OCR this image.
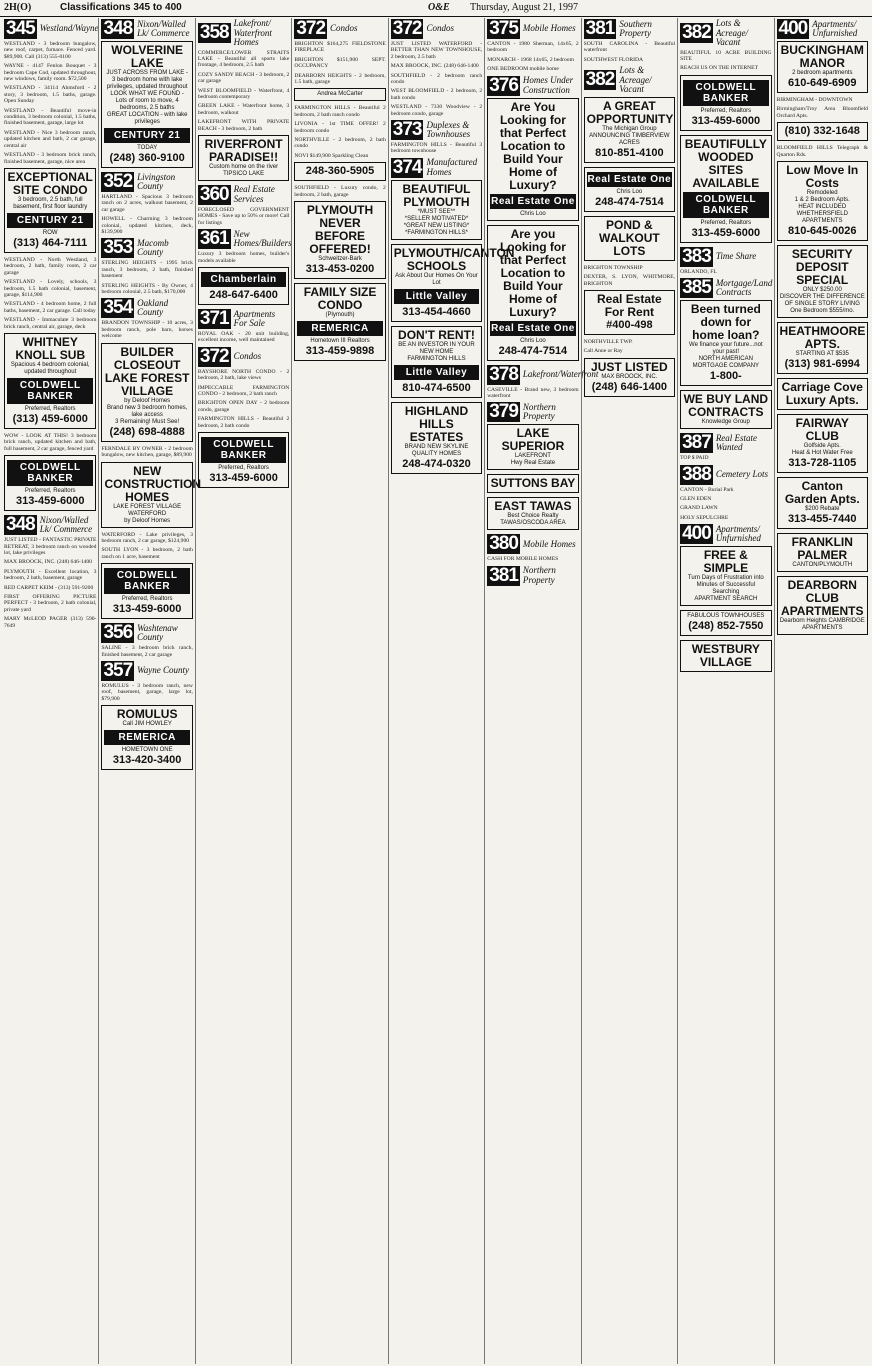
2H(O)	Classifications 345 to 400	O&E Thursday, August 21, 1997
345 Westland/Wayne
WESTLAND - 3 bedroom bungalow, new roof, carpet, furnace. Fenced yard. $89,900. Call (313) 555-0100
WAYNE - 4147 Fenlon Bouquet - 3 bedroom Cape Cod, updated throughout, new windows, family room. $72,500
WESTLAND - 34114 Ahmsford - 2 story, 3 bedroom, 1.5 baths, garage. Open Sunday
WESTLAND - Beautiful move-in condition, 3 bedroom colonial, 1.5 baths, finished basement, garage, large lot
WESTLAND - Nice 3 bedroom ranch, updated kitchen and bath, 2 car garage, central air
WESTLAND - 3 bedroom brick ranch, finished basement, garage, nice area
EXCEPTIONAL SITE CONDO
3 bedroom, 2.5 bath, full basement, first floor laundry
CENTURY 21
ROW
(313) 464-7111
WESTLAND - North Westland, 3 bedroom, 2 bath, family room, 2 car garage
WESTLAND - Lovely, schools, 3 bedroom, 1.5 bath colonial, basement, garage, $114,900
WESTLAND - 4 bedroom home, 2 full baths, basement, 2 car garage. Call today
WESTLAND - Immaculate 3 bedroom brick ranch, central air, garage, deck
WHITNEY KNOLL SUB
Spacious 4 bedroom colonial, updated throughout
COLDWELL BANKER
Preferred, Realtors
(313) 459-6000
WOW - LOOK AT THIS! 3 bedroom brick ranch, updated kitchen and bath, full basement, 2 car garage, fenced yard
COLDWELL BANKER
Preferred, Realtors
313-459-6000
348 Nixon/Walled Lk/ Commerce
JUST LISTED - FANTASTIC PRIVATE RETREAT, 3 bedroom ranch on wooded lot, lake privileges
MAX BROOCK, INC. (248) 646-1400
PLYMOUTH - Excellent location, 3 bedroom, 2 bath, basement, garage
RED CARPET KEIM - (313) 591-9200
FIRST OFFERING PICTURE PERFECT - 3 bedroom, 2 bath colonial, private yard
MARY McLEOD PAGER (313) 590-7649
348 Nixon/Walled Lk/ Commerce
WOLVERINE LAKE
JUST ACROSS FROM LAKE - 3 bedroom home with lake privileges, updated throughout
LOOK WHAT WE FOUND - Lots of room to move, 4 bedrooms, 2.5 baths
GREAT LOCATION - with lake privileges
CENTURY 21
TODAY
(248) 360-9100
352 Livingston County
HARTLAND - Spacious 3 bedroom ranch on 2 acres, walkout basement, 2 car garage
HOWELL - Charming 3 bedroom colonial, updated kitchen, deck, $139,900
353 Macomb County
STERLING HEIGHTS - 1995 brick ranch, 3 bedroom, 2 bath, finished basement
STERLING HEIGHTS - By Owner, 4 bedroom colonial, 2.5 bath, $170,000
354 Oakland County
BRANDON TOWNSHIP - 10 acres, 3 bedroom ranch, pole barn, horses welcome
BUILDER CLOSEOUT LAKE FOREST VILLAGE
by Deloof Homes
Brand new 3 bedroom homes, lake access
3 Remaining! Must See!
(248) 698-4888
FERNDALE BY OWNER - 2 bedroom bungalow, new kitchen, garage, $89,900
NEW CONSTRUCTION HOMES
LAKE FOREST VILLAGE WATERFORD
by Deloof Homes
WATERFORD - Lake privileges, 3 bedroom ranch, 2 car garage, $124,900
SOUTH LYON - 3 bedroom, 2 bath ranch on 1 acre, basement
COLDWELL BANKER
Preferred, Realtors
313-459-6000
356 Washtenaw County
SALINE - 3 bedroom brick ranch, finished basement, 2 car garage
357 Wayne County
ROMULUS - 3 bedroom ranch, new roof, basement, garage, large lot, $79,900
ROMULUS
Call JIM HOWLEY
REMERICA
HOMETOWN ONE
313-420-3400
358 Lakefront/ Waterfront Homes
COMMERCE/LOWER STRAITS LAKE - Beautiful all sports lake frontage, 4 bedroom, 2.5 bath
COZY SANDY BEACH - 3 bedroom, 2 car garage
WEST BLOOMFIELD - Waterfront, 4 bedroom contemporary
GREEN LAKE - Waterfront home, 3 bedroom, walkout
LAKEFRONT WITH PRIVATE BEACH - 3 bedroom, 2 bath
RIVERFRONT PARADISE!!
Custom home on the river
TIPSICO LAKE
360 Real Estate Services
FORECLOSED GOVERNMENT HOMES - Save up to 50% or more! Call for listings
361 New Homes/Builders
Luxury 3 bedroom homes, builder's models available
Chamberlain
248-647-6400
371 Apartments For Sale
ROYAL OAK - 20 unit building, excellent income, well maintained
372 Condos
BAYSHORE NORTH CONDO - 2 bedroom, 2 bath, lake views
IMPECCABLE FARMINGTON CONDO - 2 bedroom, 2 bath ranch
BRIGHTON OPEN DAY - 2 bedroom condo, garage
FARMINGTON HILLS - Beautiful 2 bedroom, 2 bath condo
COLDWELL BANKER
Preferred, Realtors
313-459-6000
372 Condos
BRIGHTON $164,275 FIELDSTONE FIREPLACE
BRIGHTON $151,900 SEPT. OCCUPANCY
DEARBORN HEIGHTS - 2 bedroom, 1.5 bath, garage
Andrea McCarter
FARMINGTON HILLS - Beautiful 2 bedroom, 2 bath ranch condo
LIVONIA - 1st TIME OFFER! 2 bedroom condo
NORTHVILLE - 2 bedroom, 2 bath condo
NOVI $149,900 Sparkling Clean
248-360-5905
SOUTHFIELD - Luxury condo, 2 bedroom, 2 bath, garage
PLYMOUTH NEVER BEFORE OFFERED!
Schweitzer-Bark
313-453-0200
FAMILY SIZE CONDO
(Plymouth)
REMERICA
Hometown III Realtors
313-459-9898
372 Condos
JUST LISTED WATERFORD - BETTER THAN NEW TOWNHOUSE, 2 bedroom, 2.5 bath
MAX BROOCK, INC. (248) 646-1400
SOUTHFIELD - 2 bedroom ranch condo
WEST BLOOMFIELD - 2 bedroom, 2 bath condo
WESTLAND - 7330 Woodview - 2 bedroom condo, garage
373 Duplexes & Townhouses
FARMINGTON HILLS - Beautiful 3 bedroom townhouse
374 Manufactured Homes
BEAUTIFUL PLYMOUTH
*MUST SEE**
*SELLER MOTIVATED*
*GREAT NEW LISTING*
*FARMINGTON HILLS*
PLYMOUTH/CANTON SCHOOLS
Ask About Our Homes On Your Lot
Little Valley
313-454-4660
DON'T RENT!
BE AN INVESTOR IN YOUR NEW HOME
FARMINGTON HILLS
Little Valley
810-474-6500
HIGHLAND HILLS ESTATES
BRAND NEW SKYLINE
QUALITY HOMES
248-474-0320
375 Mobile Homes
CANTON - 1980 Sherman, 14x65, 2 bedroom
MONARCH - 1968 14x65, 2 bedroom
ONE BEDROOM mobile home
376 Homes Under Construction
Are You Looking for that Perfect Location to Build Your Home of Luxury?
Real Estate One
Chris Loo
Are you Looking for that Perfect Location to Build Your Home of Luxury?
Real Estate One
Chris Loo
248-474-7514
378 Lakefront/Waterfront
CASEVILLE - Brand new, 3 bedroom waterfront
379 Northern Property
LAKE SUPERIOR
LAKEFRONT
Hwy Real Estate
SUTTONS BAY
EAST TAWAS
Best Choice Realty
TAWAS/OSCODA AREA
380 Mobile Homes
CASH FOR MOBILE HOMES
381 Northern Property
381 Southern Property
SOUTH CAROLINA - Beautiful waterfront
SOUTHWEST FLORIDA
382 Lots & Acreage/ Vacant
A GREAT OPPORTUNITY
The Michigan Group
ANNOUNCING TIMBERVIEW ACRES
810-851-4100
Real Estate One
Chris Loo
248-474-7514
POND & WALKOUT LOTS
BRIGHTON TOWNSHIP
DEXTER, S. LYON, WHITMORE, BRIGHTON
Real Estate For Rent
#400-498
NORTHVILLE TWP.
Call Anne or Ray
JUST LISTED
MAX BROOCK, INC.
(248) 646-1400
382 Lots & Acreage/ Vacant
BEAUTIFUL 10 ACRE BUILDING SITE
REACH US ON THE INTERNET
COLDWELL BANKER
Preferred, Realtors
313-459-6000
BEAUTIFULLY WOODED SITES AVAILABLE
COLDWELL BANKER
Preferred, Realtors
313-459-6000
383 Time Share
ORLANDO, FL
385 Mortgage/Land Contracts
Been turned down for home loan?
We finance your future...not your past!
NORTH AMERICAN MORTGAGE COMPANY
1-800-
WE BUY LAND CONTRACTS
Knowledge Group
387 Real Estate Wanted
TOP $ PAID
388 Cemetery Lots
CANTON - Burial Park
GLEN EDEN
GRAND LAWN
HOLY SEPULCHRE
400 Apartments/ Unfurnished
FREE & SIMPLE
Turn Days of Frustration into Minutes of Successful Searching
APARTMENT SEARCH
FABULOUS TOWNHOUSES
(248) 852-7550
WESTBURY VILLAGE
400 Apartments/ Unfurnished
BUCKINGHAM MANOR
2 bedroom apartments
610-649-6909
BIRMINGHAM - DOWNTOWN
Birmingham/Troy Area Bloomfield Orchard Apts.
(810) 332-1648
BLOOMFIELD HILLS Telegraph & Quarton Rds.
Low Move In Costs
Remodeled
1 & 2 Bedroom Apts.
HEAT INCLUDED
WHETHERSFIELD APARTMENTS
810-645-0026
SECURITY DEPOSIT SPECIAL
ONLY $250.00
DISCOVER THE DIFFERENCE OF SINGLE STORY LIVING
One Bedroom $555/mo.
HEATHMOORE APTS.
STARTING AT $535
(313) 981-6994
Carriage Cove Luxury Apts.
FAIRWAY CLUB
Golfside Apts.
Heat & Hot Water Free
313-728-1105
Canton Garden Apts.
$200 Rebate
313-455-7440
FRANKLIN PALMER
CANTON/PLYMOUTH
DEARBORN CLUB APARTMENTS
Dearborn Heights CAMBRIDGE APARTMENTS
